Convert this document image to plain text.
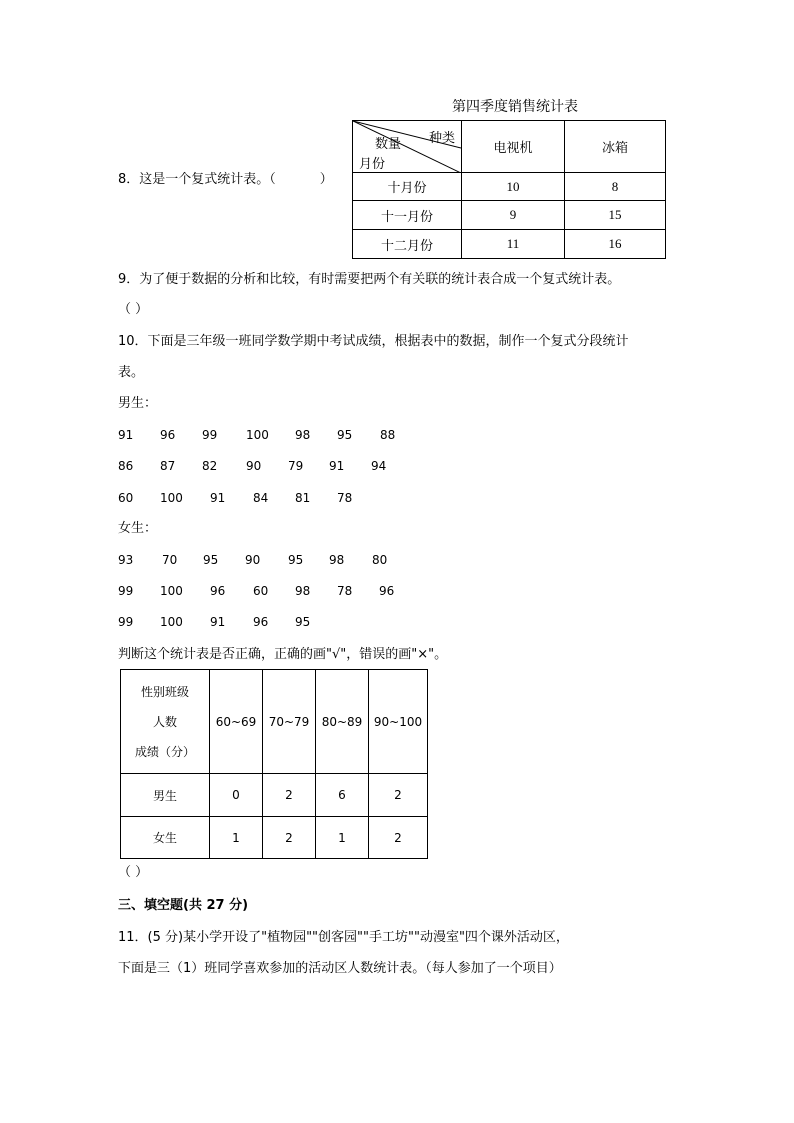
第四季度销售统计表
种类
数量
月份	电视机	冰箱
十月份	10	8
十一月份	9	15
十二月份	11	16
8．这是一个复式统计表。（	）
9．为了便于数据的分析和比较，有时需要把两个有关联的统计表合成一个复式统计表。
（ ）
10．下面是三年级一班同学数学期中考试成绩，根据表中的数据，制作一个复式分段统计
表。
男生：
91 96 99 100 98 95 88
86 87 82 90 79 91 94
60 100 91 84 81 78
女生：
93 70 95 90 95 98 80
99 100 96 60 98 78 96
99 100 91 96 95
判断这个统计表是否正确，正确的画"√"，错误的画"×"。
性别班级
人数
成绩（分）	60~69	70~79	80~89	90~100
男生	0	2	6	2
女生	1	2	1	2
（ ）
三、填空题(共 27 分)
11．(5 分)某小学开设了"植物园""创客园""手工坊""动漫室"四个课外活动区，
下面是三（1）班同学喜欢参加的活动区人数统计表。（每人参加了一个项目）
